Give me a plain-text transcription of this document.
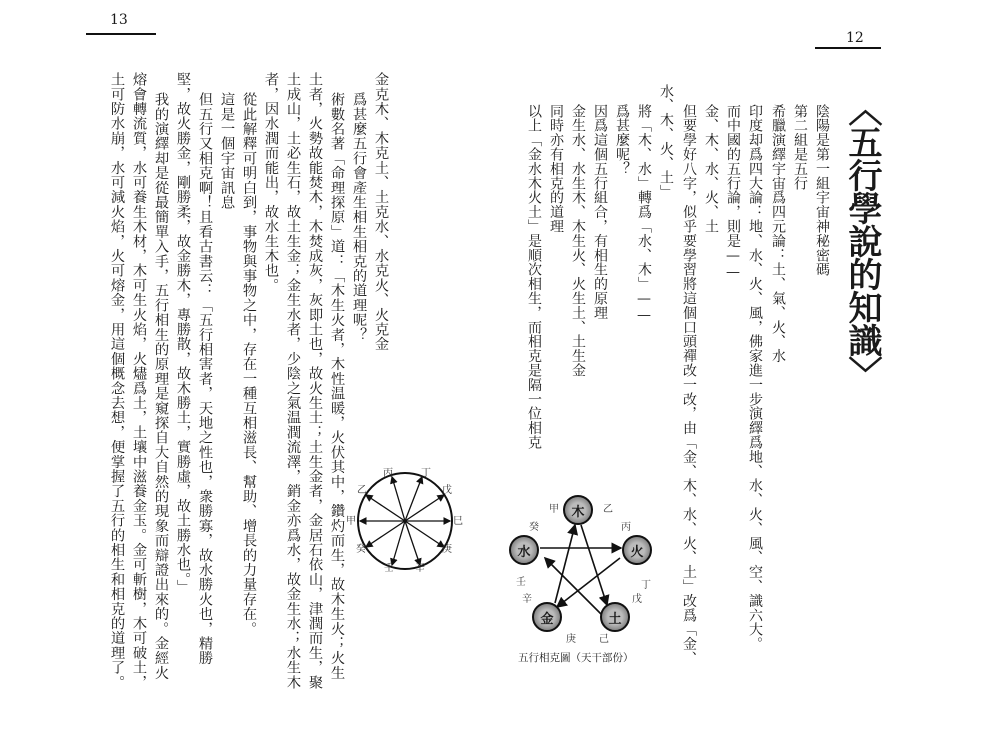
13
金克木、木克土、土克水、水克火、火克金
爲甚麼五行會產生相生相克的道理呢？
術數名著「命理探原」道：「木生火者，木性温暖，火伏其中，鑽灼而生，故木生火；火生
土者，火勢故能焚木，木焚成灰，灰即土也，故火生土；土生金者，金居石依山，津潤而生，聚
土成山，土必生石，故土生金；金生水者，少陰之氣温潤流澤，銷金亦爲水，故金生水；水生木
者，因水潤而能出，故水生木也。
從此解釋可明白到，事物與事物之中，存在一種互相滋長、幫助、增長的力量存在。
這是一個宇宙訊息
但五行又相克啊！且看古書云：「五行相害者，天地之性也，衆勝寡，故水勝火也，精勝
堅，故火勝金，剛勝柔，故金勝木，專勝散，故木勝土，實勝虛，故土勝水也。」
我的演繹却是從最簡單入手，五行相生的原理是窺探自大自然的現象而辯證出來的。金經火
熔會轉流質，水可養生木材，木可生火焰，火燼爲土，土壤中滋養金玉。金可斬樹，木可破土，
土可防水崩，水可減火焰，火可熔金，用這個概念去想，便掌握了五行的相生和相克的道理了。	丙	丁
戊
巳
庚
辛
壬
癸
甲
乙
12
〈五行學說的知識〉
陰陽是第一組宇宙神秘密碼
第二組是五行
希臘演繹宇宙爲四元論：土、氣、火、水
印度却爲四大論：地、水、火、風，佛家進一步演繹爲地、水、火、風、空、識六大。
而中國的五行論，則是——
金、木、水、火、土
但要學好八字，似乎要學習將這個口頭禪改一改，由「金、木、水、火、土」改爲「金、
水、木、火、土」
將「木、水」轉爲「水、木」——
爲甚麼呢？
因爲這個五行組合，有相生的原理
金生水、水生木、木生火、火生土、土生金
同時亦有相克的道理
以上「金水木火土」是順次相生，而相克是隔一位相克
木
火
土
金
水
甲	乙
丙
丁
戊
己
庚
辛
壬
癸
五行相克圖（天干部份）
